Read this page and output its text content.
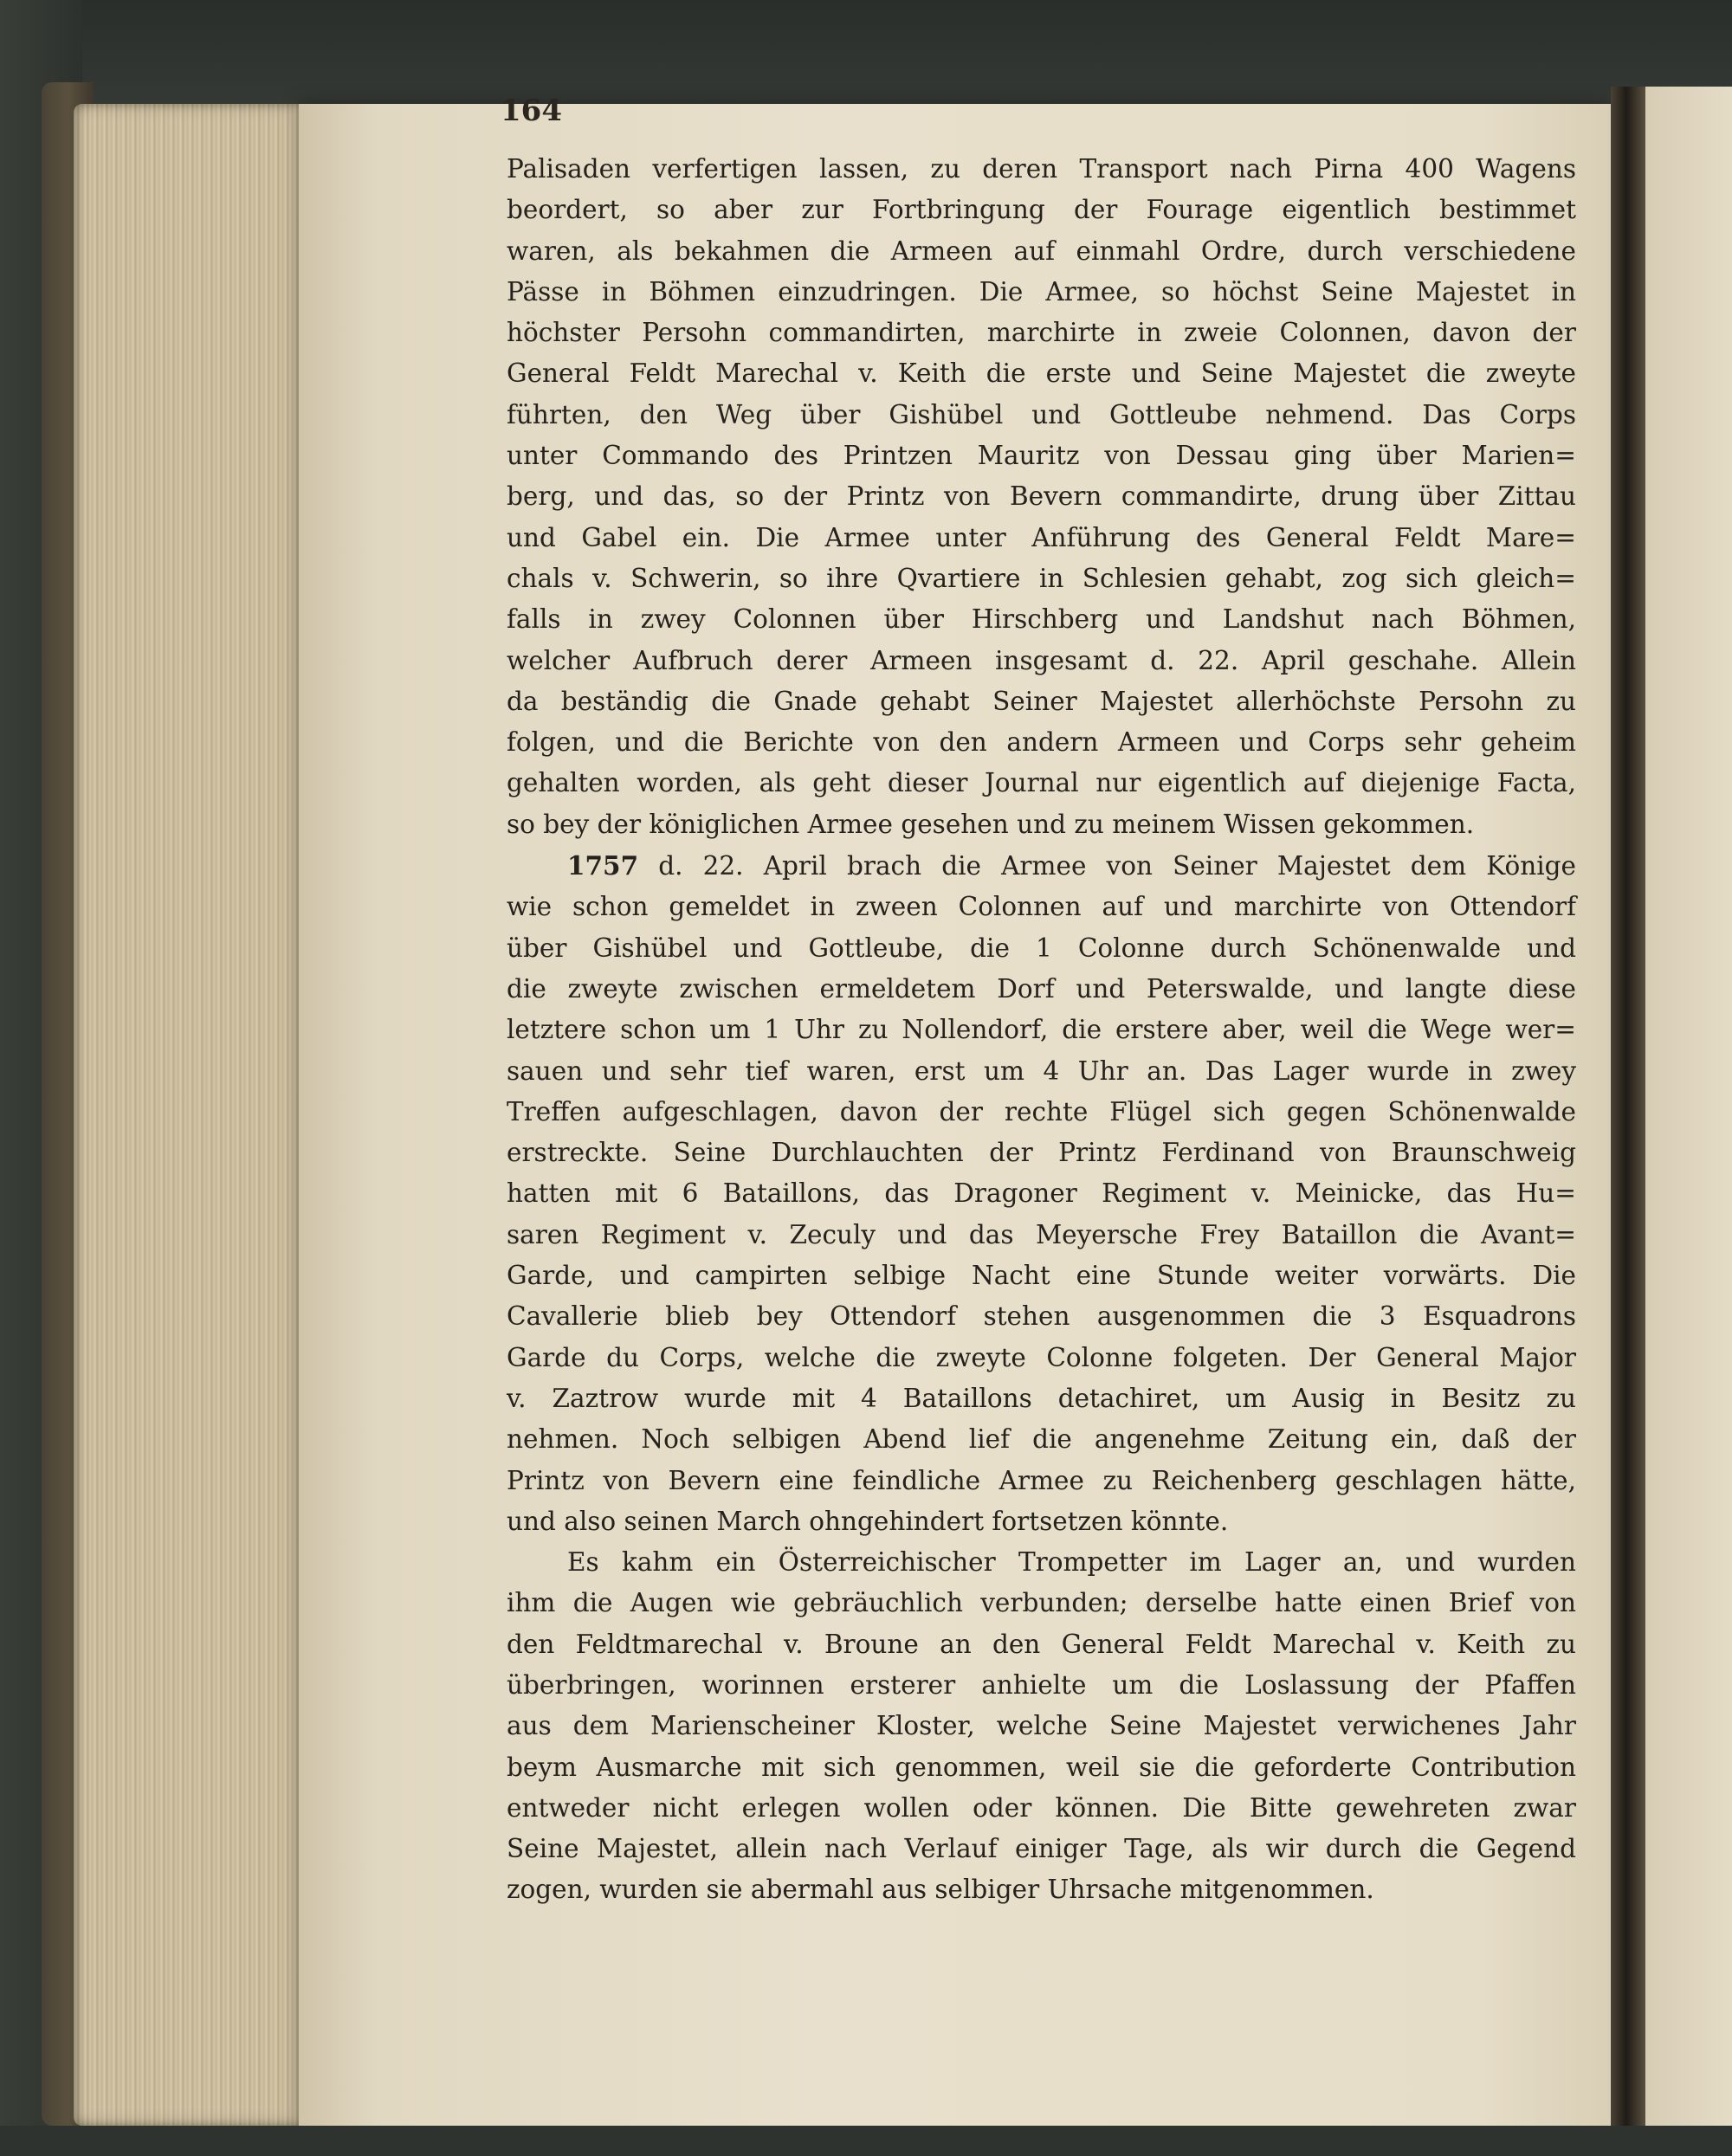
164
Palisaden verfertigen lassen, zu deren Transport nach Pirna 400 Wagens
beordert, so aber zur Fortbringung der Fourage eigentlich bestimmet
waren, als bekahmen die Armeen auf einmahl Ordre, durch verschiedene
Pässe in Böhmen einzudringen. Die Armee, so höchst Seine Majestet in
höchster Persohn commandirten, marchirte in zweie Colonnen, davon der
General Feldt Marechal v. Keith die erste und Seine Majestet die zweyte
führten, den Weg über Gishübel und Gottleube nehmend. Das Corps
unter Commando des Printzen Mauritz von Dessau ging über Marien=
berg, und das, so der Printz von Bevern commandirte, drung über Zittau
und Gabel ein. Die Armee unter Anführung des General Feldt Mare=
chals v. Schwerin, so ihre Qvartiere in Schlesien gehabt, zog sich gleich=
falls in zwey Colonnen über Hirschberg und Landshut nach Böhmen,
welcher Aufbruch derer Armeen insgesamt d. 22. April geschahe. Allein
da beständig die Gnade gehabt Seiner Majestet allerhöchste Persohn zu
folgen, und die Berichte von den andern Armeen und Corps sehr geheim
gehalten worden, als geht dieser Journal nur eigentlich auf diejenige Facta,
so bey der königlichen Armee gesehen und zu meinem Wissen gekommen.
1757 d. 22. April brach die Armee von Seiner Majestet dem Könige
wie schon gemeldet in zween Colonnen auf und marchirte von Ottendorf
über Gishübel und Gottleube, die 1 Colonne durch Schönenwalde und
die zweyte zwischen ermeldetem Dorf und Peterswalde, und langte diese
letztere schon um 1 Uhr zu Nollendorf, die erstere aber, weil die Wege wer=
sauen und sehr tief waren, erst um 4 Uhr an. Das Lager wurde in zwey
Treffen aufgeschlagen, davon der rechte Flügel sich gegen Schönenwalde
erstreckte. Seine Durchlauchten der Printz Ferdinand von Braunschweig
hatten mit 6 Bataillons, das Dragoner Regiment v. Meinicke, das Hu=
saren Regiment v. Zeculy und das Meyersche Frey Bataillon die Avant=
Garde, und campirten selbige Nacht eine Stunde weiter vorwärts. Die
Cavallerie blieb bey Ottendorf stehen ausgenommen die 3 Esquadrons
Garde du Corps, welche die zweyte Colonne folgeten. Der General Major
v. Zaztrow wurde mit 4 Bataillons detachiret, um Ausig in Besitz zu
nehmen. Noch selbigen Abend lief die angenehme Zeitung ein, daß der
Printz von Bevern eine feindliche Armee zu Reichenberg geschlagen hätte,
und also seinen March ohngehindert fortsetzen könnte.
Es kahm ein Österreichischer Trompetter im Lager an, und wurden
ihm die Augen wie gebräuchlich verbunden; derselbe hatte einen Brief von
den Feldtmarechal v. Broune an den General Feldt Marechal v. Keith zu
überbringen, worinnen ersterer anhielte um die Loslassung der Pfaffen
aus dem Marienscheiner Kloster, welche Seine Majestet verwichenes Jahr
beym Ausmarche mit sich genommen, weil sie die geforderte Contribution
entweder nicht erlegen wollen oder können. Die Bitte gewehreten zwar
Seine Majestet, allein nach Verlauf einiger Tage, als wir durch die Gegend
zogen, wurden sie abermahl aus selbiger Uhrsache mitgenommen.
